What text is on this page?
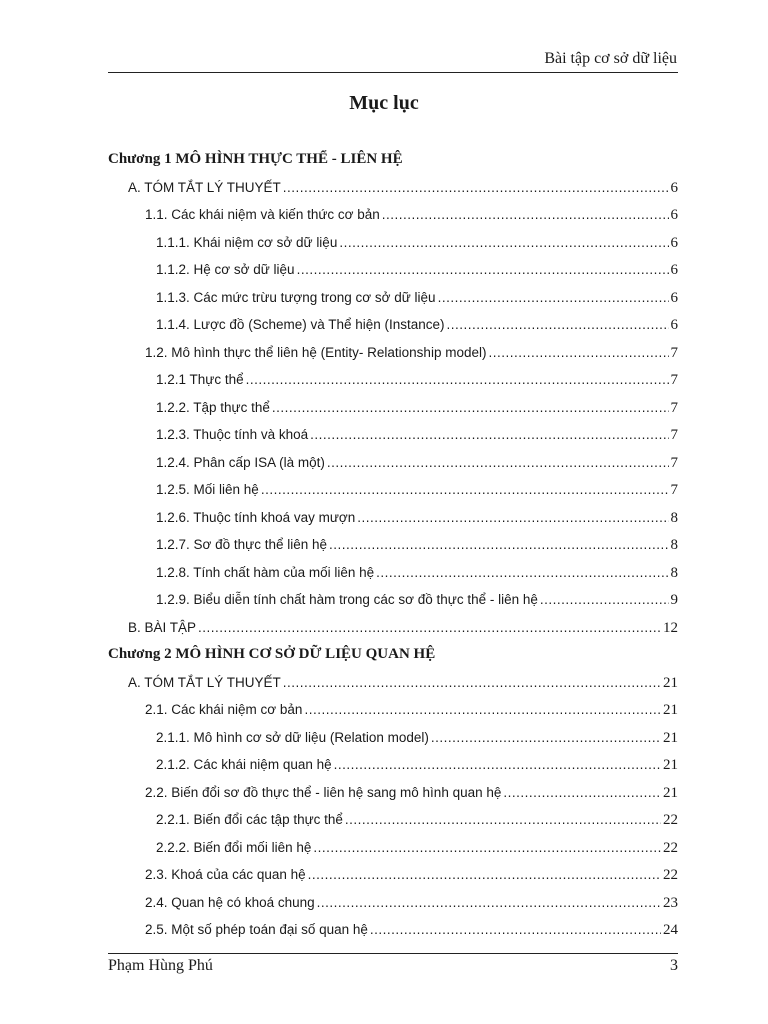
Bài tập cơ sở dữ liệu
Mục lục
Chương 1 MÔ HÌNH THỰC THỂ - LIÊN HỆ
A. TÓM TẮT LÝ THUYẾT .....	6
1.1. Các khái niệm và kiến thức cơ bản .....	6
1.1.1. Khái niệm cơ sở dữ liệu .....	6
1.1.2. Hệ cơ sở dữ liệu .....	6
1.1.3. Các mức trừu tượng trong cơ sở dữ liệu .....	6
1.1.4. Lược đồ (Scheme) và Thể hiện (Instance) .....	6
1.2. Mô hình thực thể liên hệ (Entity- Relationship model) .....	7
1.2.1 Thực thể .....	7
1.2.2. Tập thực thể .....	7
1.2.3. Thuộc tính và khoá .....	7
1.2.4. Phân cấp ISA (là một) .....	7
1.2.5. Mối liên hệ .....	7
1.2.6. Thuộc tính khoá vay mượn .....	8
1.2.7. Sơ đồ thực thể liên hệ .....	8
1.2.8. Tính chất hàm của mối liên hệ .....	8
1.2.9. Biểu diễn tính chất hàm trong các sơ đồ thực thể - liên hệ .....	9
B. BÀI TẬP .....	12
Chương 2 MÔ HÌNH CƠ SỞ DỮ LIỆU QUAN HỆ
A. TÓM TẮT LÝ THUYẾT .....	21
2.1. Các khái niệm cơ bản .....	21
2.1.1. Mô hình cơ sở dữ liệu (Relation model) .....	21
2.1.2. Các khái niệm quan hệ .....	21
2.2. Biến đổi sơ đồ thực thể - liên hệ sang mô hình quan hệ .....	21
2.2.1. Biến đổi các tập thực thể .....	22
2.2.2. Biến đổi mối liên hệ .....	22
2.3. Khoá của các quan hệ .....	22
2.4. Quan hệ có khoá chung .....	23
2.5. Một số phép toán đại số quan hệ .....	24
Phạm Hùng Phú	3
